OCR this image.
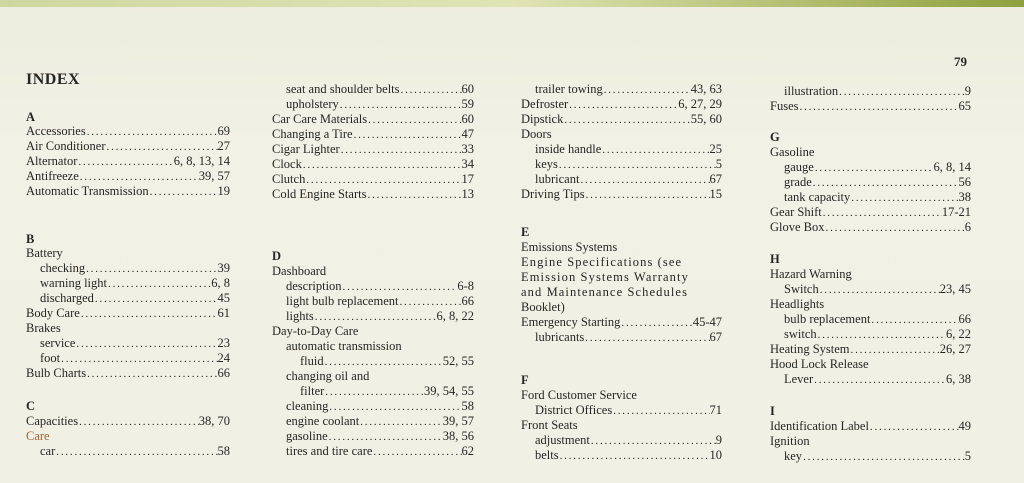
79
INDEX
A
Accessories .....	69
Air Conditioner .....	27
Alternator .....	6, 8, 13, 14
Antifreeze .....	39, 57
Automatic Transmission .....	19
B
Battery
checking .....	39
warning light .....	6, 8
discharged .....	45
Body Care .....	61
Brakes
service .....	23
foot .....	24
Bulb Charts .....	66
C
Capacities .....	38, 70
Care
car .....	58
seat and shoulder belts .....	60
upholstery .....	59
Car Care Materials .....	60
Changing a Tire .....	47
Cigar Lighter .....	33
Clock .....	34
Clutch .....	17
Cold Engine Starts .....	13
D
Dashboard
description .....	6-8
light bulb replacement .....	66
lights .....	6, 8, 22
Day-to-Day Care
automatic transmission
fluid .....	52, 55
changing oil and
filter .....	39, 54, 55
cleaning .....	58
engine coolant .....	39, 57
gasoline .....	38, 56
tires and tire care .....	62
trailer towing .....	43, 63
Defroster .....	6, 27, 29
Dipstick .....	55, 60
Doors
inside handle .....	25
keys .....	5
lubricant .....	67
Driving Tips .....	15
E
Emissions Systems
Engine Specifications (see
Emission Systems Warranty
and Maintenance Schedules
Booklet)
Emergency Starting .....	45-47
lubricants .....	67
F
Ford Customer Service
District Offices .....	71
Front Seats
adjustment .....	9
belts .....	10
illustration .....	9
Fuses .....	65
G
Gasoline
gauge .....	6, 8, 14
grade .....	56
tank capacity .....	38
Gear Shift .....	17-21
Glove Box .....	6
H
Hazard Warning
Switch .....	23, 45
Headlights
bulb replacement .....	66
switch .....	6, 22
Heating System .....	26, 27
Hood Lock Release
Lever .....	6, 38
I
Identification Label .....	49
Ignition
key .....	5
